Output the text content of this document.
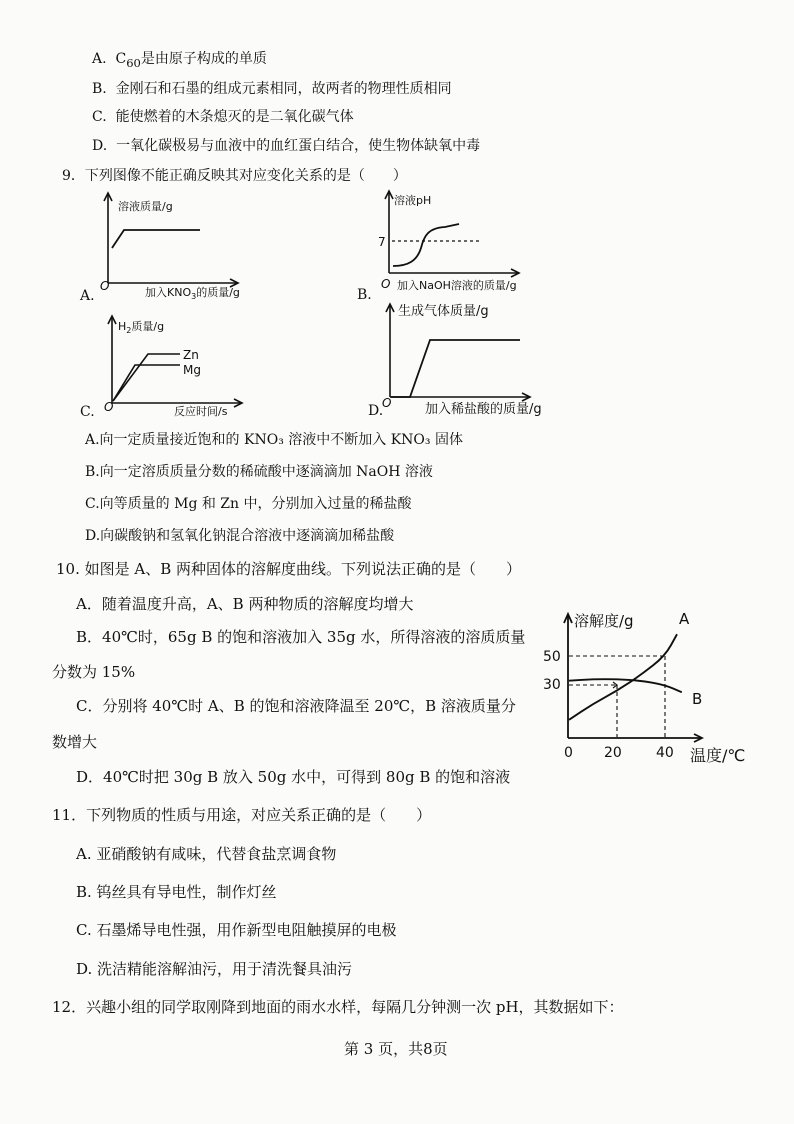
A. $C_{60}$是由原子构成的单质
B. 金刚石和石墨的组成元素相同，故两者的物理性质相同
C. 能使燃着的木条熄灭的是二氧化碳气体
D. 一氧化碳极易与血液中的血红蛋白结合，使生物体缺氧中毒
9．下列图像不能正确反映其对应变化关系的是（　　）
溶液质量/g
O	加入$KNO_3$的质量/g
A.
溶液pH
7
O 加入NaOH溶液的质量/g
B.
$H_2$质量/g
Zn
Mg
O	反应时间/s
C.
生成气体质量/g
O	加入稀盐酸的质量/g
D.
A.向一定质量接近饱和的 KNO₃ 溶液中不断加入 KNO₃ 固体
B.向一定溶质质量分数的稀硫酸中逐滴滴加 NaOH 溶液
C.向等质量的 Mg 和 Zn 中，分别加入过量的稀盐酸
D.向碳酸钠和氢氧化钠混合溶液中逐滴滴加稀盐酸
10. 如图是 A、B 两种固体的溶解度曲线。下列说法正确的是（　　）
A．随着温度升高，A、B 两种物质的溶解度均增大
B．40℃时，65g B 的饱和溶液加入 35g 水，所得溶液的溶质质量
分数为 15%
C．分别将 40℃时 A、B 的饱和溶液降温至 20℃，B 溶液质量分
数增大
D．40℃时把 30g B 放入 50g 水中，可得到 80g B 的饱和溶液
溶解度/g	A
B
50
30
0 20 40 温度/℃
11．下列物质的性质与用途，对应关系正确的是（　　）
A. 亚硝酸钠有咸味，代替食盐烹调食物
B. 钨丝具有导电性，制作灯丝
C. 石墨烯导电性强，用作新型电阻触摸屏的电极
D. 洗洁精能溶解油污，用于清洗餐具油污
12．兴趣小组的同学取刚降到地面的雨水水样，每隔几分钟测一次 pH，其数据如下：
第 3 页，共8页
